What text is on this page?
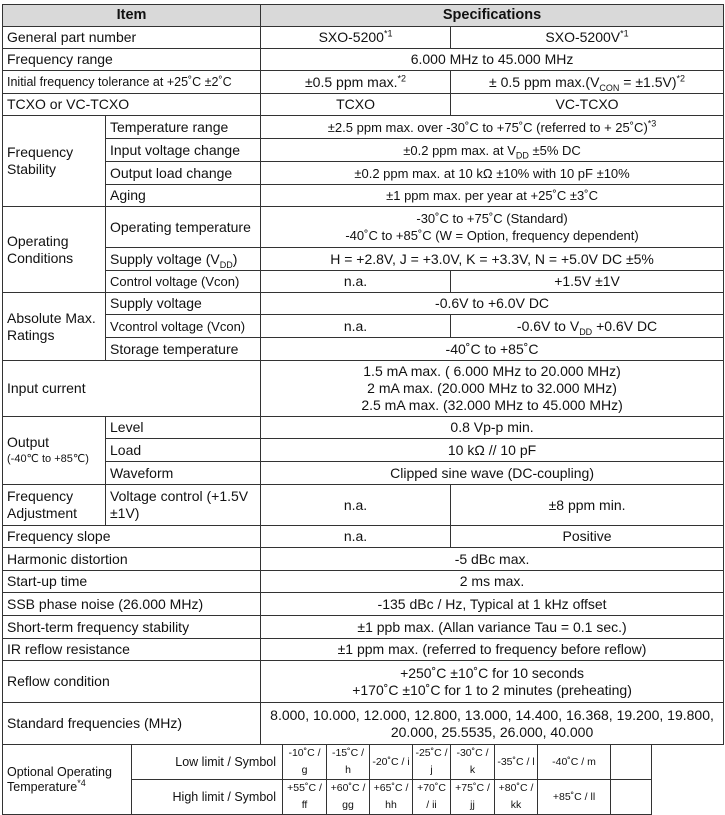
Item			Specifications								
General part number			SXO-5200$^{*1}$					SXO-$5200V^{*1}$
Frequency range			6.000 MHz to 45.000 MHz								
Initial frequency tolerance at +25˚C ±2˚C			±0.5 ppm max.$^{*2}$					± 0.5 ppm $\max.(V_{CON} = \pm 1.5V)^{*2}$
TCXO or VC-TCXO			TCXO					VC-TCXO			
Frequency Stability	Temperature range		±2.5 ppm max. over -30˚C to +75˚C (referred to + 25˚C)$^{*3}$
	Input voltage change		±0.2 ppm max. at $V_{DD} \pm 5\%$ DC								
	Output load change		±0.2 ppm max. at 10 kΩ ±10% with 10 pF ±10%								
	Aging		±1 ppm max. per year at +25˚C ±3˚C								
Operating Conditions	Operating temperature		-30˚C to +75˚C (Standard)
-40˚C to +85˚C (W = Option, frequency dependent)								

	Supply voltage $(V_{DD})$		H = +2.8V, J = +3.0V, K = +3.3V, N = +5.0V DC ±5%								
	Control voltage (Vcon)		n.a.					+1.5V ±1V			
Absolute Max. Ratings	Supply voltage		-0.6V to +6.0V DC								
	Vcontrol voltage (Vcon)		n.a.					-0.6V to $V_{DD} +0.6V$ DC			
	Storage temperature		-40˚C to +85˚C								
Input current			1.5 mA max. ( 6.000 MHz to 20.000 MHz)
2 mA max. (20.000 MHz to 32.000 MHz)
2.5 mA max. (32.000 MHz to 45.000 MHz)								

Output
(-40℃ to +85℃)	Level		0.8 Vp-p min.								
	Load		10 kΩ // 10 pF								
	Waveform		Clipped sine wave (DC-coupling)								
Frequency Adjustment	Voltage control (+1.5V ±1V)		n.a.					±8 ppm min.			
Frequency slope			n.a.					Positive			
Harmonic distortion			-5 dBc max.								
Start-up time			2 ms max.								
SSB phase noise (26.000 MHz)			-135 dBc / Hz, Typical at 1 kHz offset								
Short-term frequency stability			±1 ppb max. (Allan variance Tau = 0.1 sec.)								
IR reflow resistance			±1 ppm max. (referred to frequency before reflow)								
Reflow condition			+250˚C ±10˚C for 10 seconds
+170˚C ±10˚C for 1 to 2 minutes (preheating)								

Standard frequencies (MHz)			8.000, 10.000, 12.000, 12.800, 13.000, 14.400, 16.368, 19.200, 19.800,
20.000, 25.5535, 26.000, 40.000								

Optional Operating Temperature$^{*4}$		Low limit / Symbol		-10˚C / g	-15˚C / h	-20˚C / i	-25˚C / j	-30˚C / k	-35˚C / l	-40˚C / m	
		High limit / Symbol		+55˚C / ff	+60˚C / gg	+65˚C / hh	+70˚C / ii	+75˚C / jj	+80˚C / kk	+85˚C / ll	
